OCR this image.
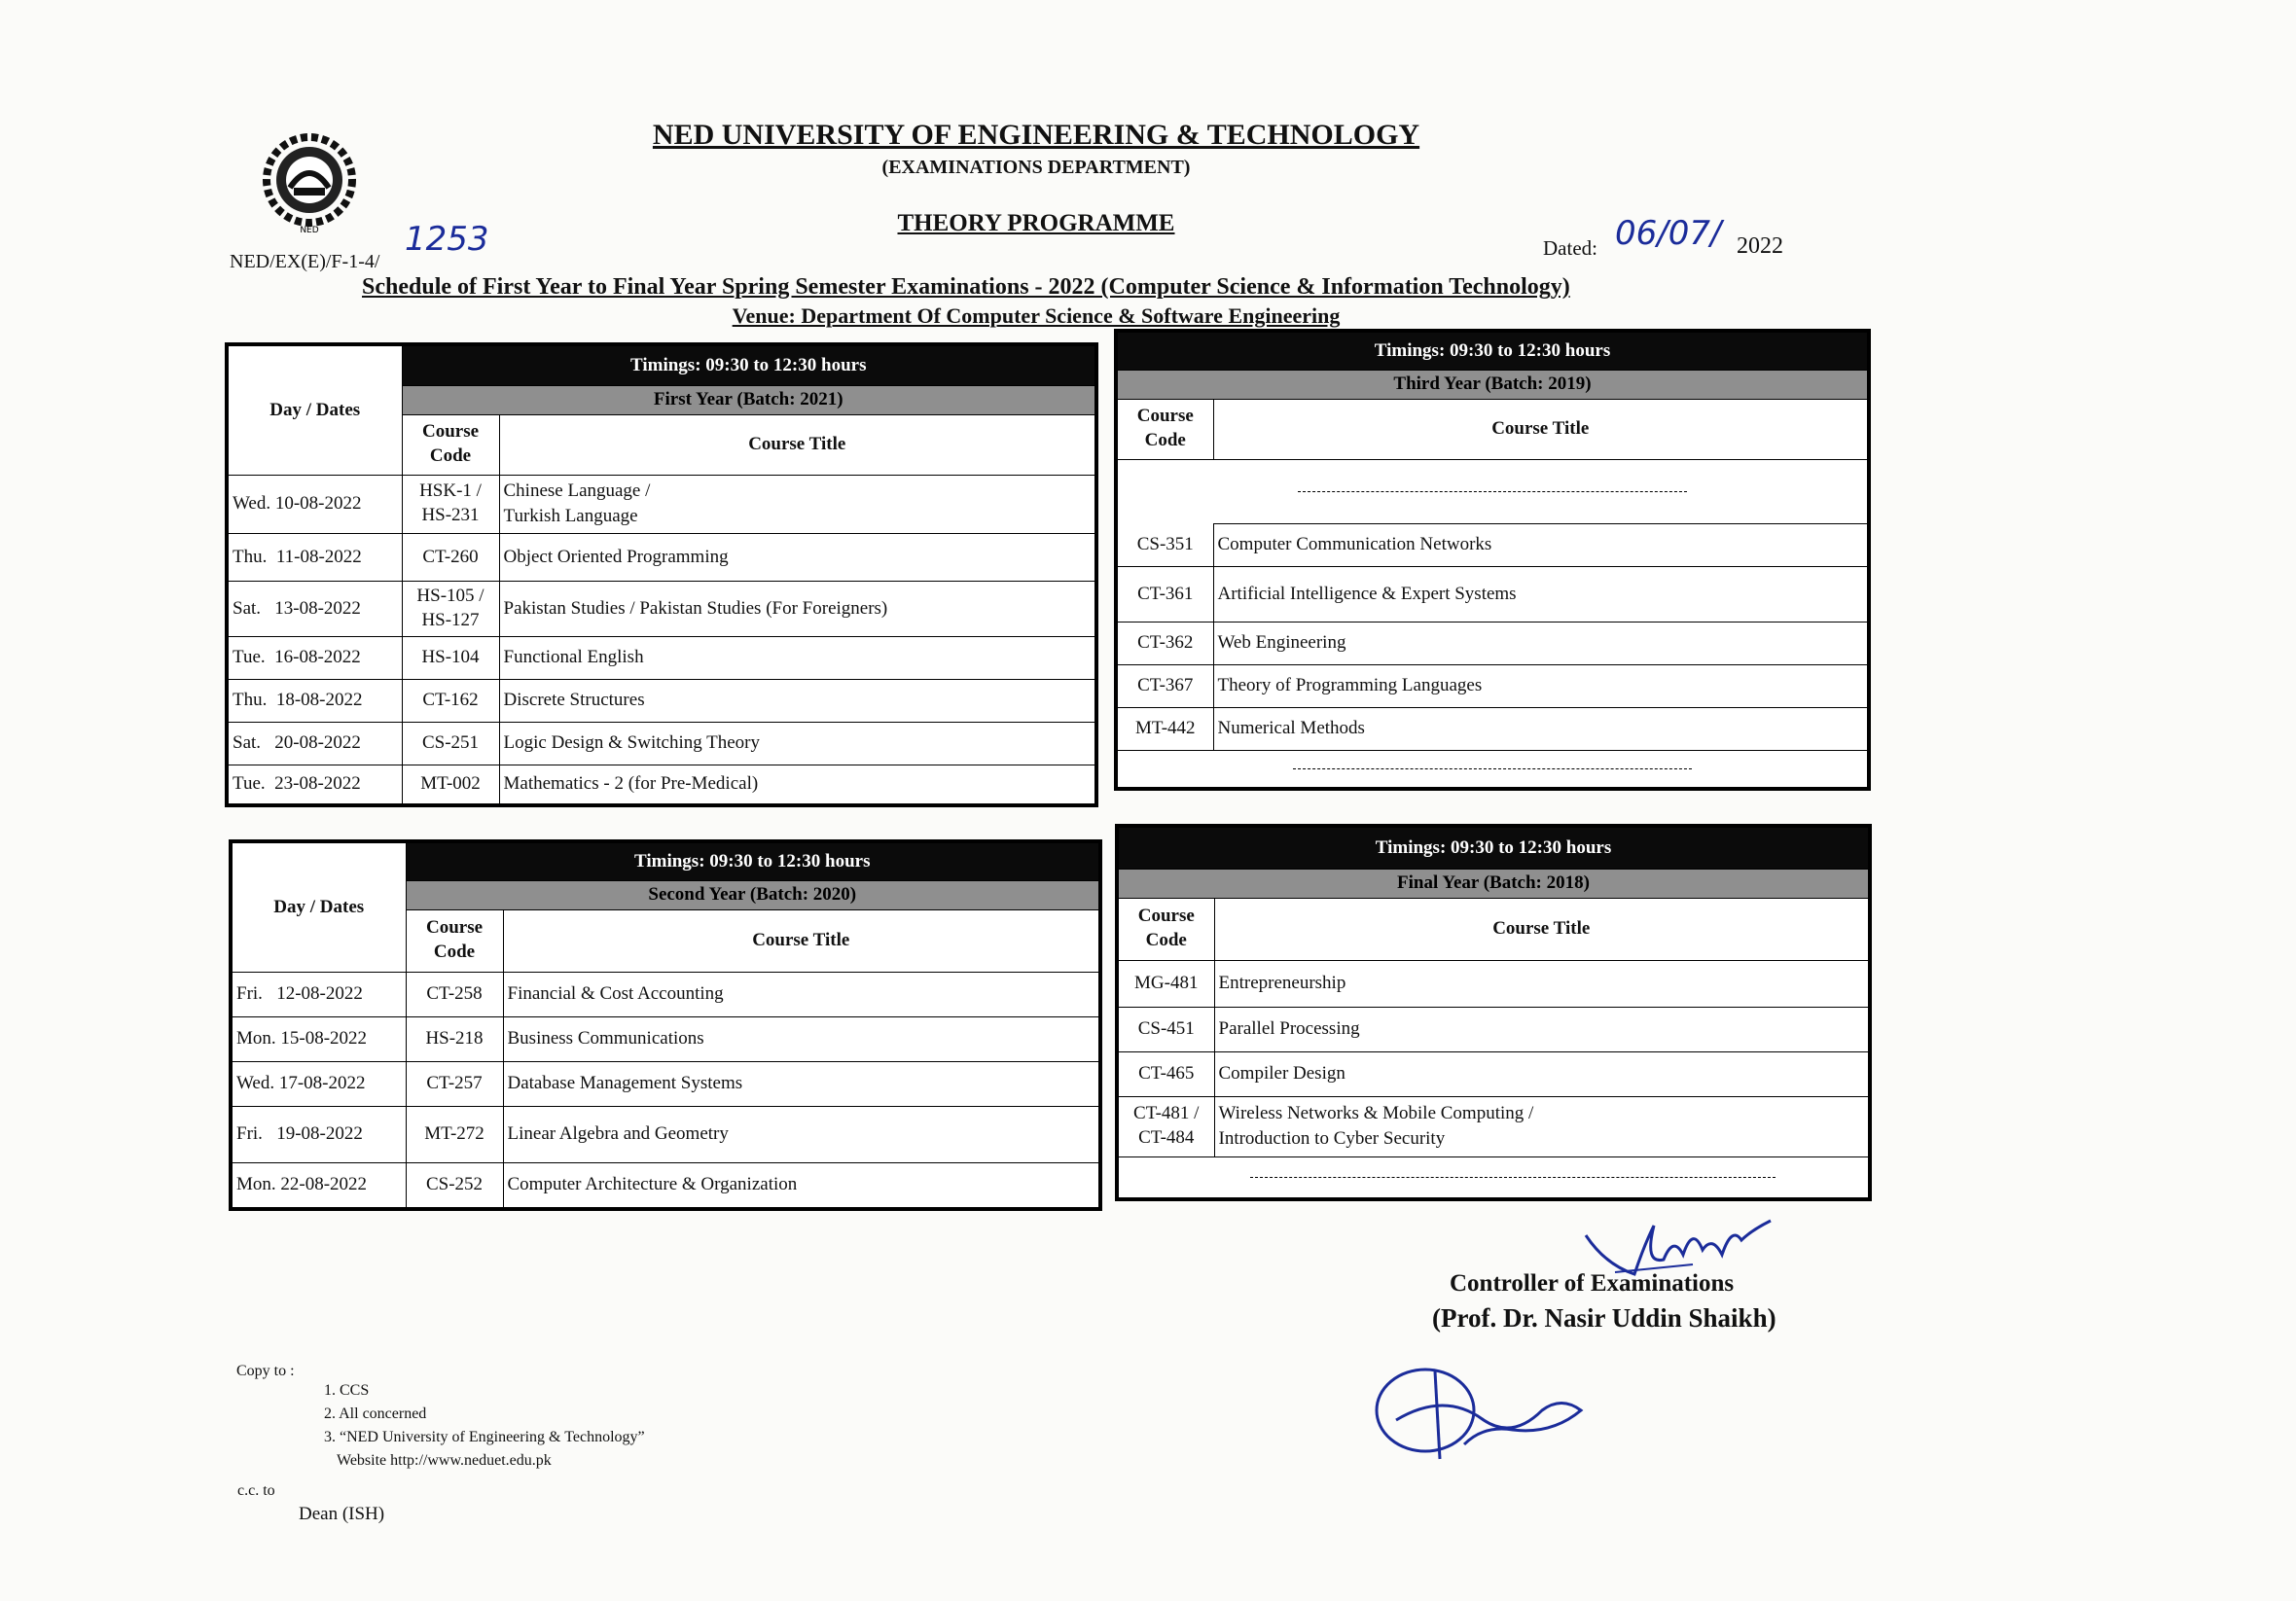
NED
NED UNIVERSITY OF ENGINEERING & TECHNOLOGY
(EXAMINATIONS DEPARTMENT)
THEORY PROGRAMME
NED/EX(E)/F-1-4/
1253	Dated: 06/07/ 2022
Schedule of First Year to Final Year Spring Semester Examinations - 2022 (Computer Science & Information Technology)
Venue: Department Of Computer Science & Software Engineering
Day / Dates	Timings: 09:30 to 12:30 hours	
	First Year (Batch: 2021)	
	Course Code	Course Title
Wed. 10-08-2022	HSK-1 / HS-231	Chinese Language / Turkish Language

Thu. 11-08-2022	CT-260	Object Oriented Programming
Sat. 13-08-2022	HS-105 / HS-127	Pakistan Studies / Pakistan Studies (For Foreigners)
Tue. 16-08-2022	HS-104	Functional English
Thu. 18-08-2022	CT-162	Discrete Structures
Sat. 20-08-2022	CS-251	Logic Design & Switching Theory
Tue. 23-08-2022	MT-002	Mathematics - 2 (for Pre-Medical)
Timings: 09:30 to 12:30 hours	
Third Year (Batch: 2019)	
Course Code	Course Title

CS-351	Computer Communication Networks
CT-361	Artificial Intelligence & Expert Systems
CT-362	Web Engineering
CT-367	Theory of Programming Languages
MT-442	Numerical Methods

Day / Dates	Timings: 09:30 to 12:30 hours	
	Second Year (Batch: 2020)	
	Course Code	Course Title
Fri. 12-08-2022	CT-258	Financial & Cost Accounting
Mon. 15-08-2022	HS-218	Business Communications
Wed. 17-08-2022	CT-257	Database Management Systems
Fri. 19-08-2022	MT-272	Linear Algebra and Geometry
Mon. 22-08-2022	CS-252	Computer Architecture & Organization
Timings: 09:30 to 12:30 hours	
Final Year (Batch: 2018)	
Course Code	Course Title
MG-481	Entrepreneurship
CS-451	Parallel Processing
CT-465	Compiler Design
CT-481 / CT-484	Wireless Networks & Mobile Computing / Introduction to Cyber Security

Controller of Examinations
(Prof. Dr. Nasir Uddin Shaikh)
Copy to :
1. CCS
2. All concerned
3. “NED University of Engineering & Technology”
Website http://www.neduet.edu.pk
c.c. to
Dean (ISH)
